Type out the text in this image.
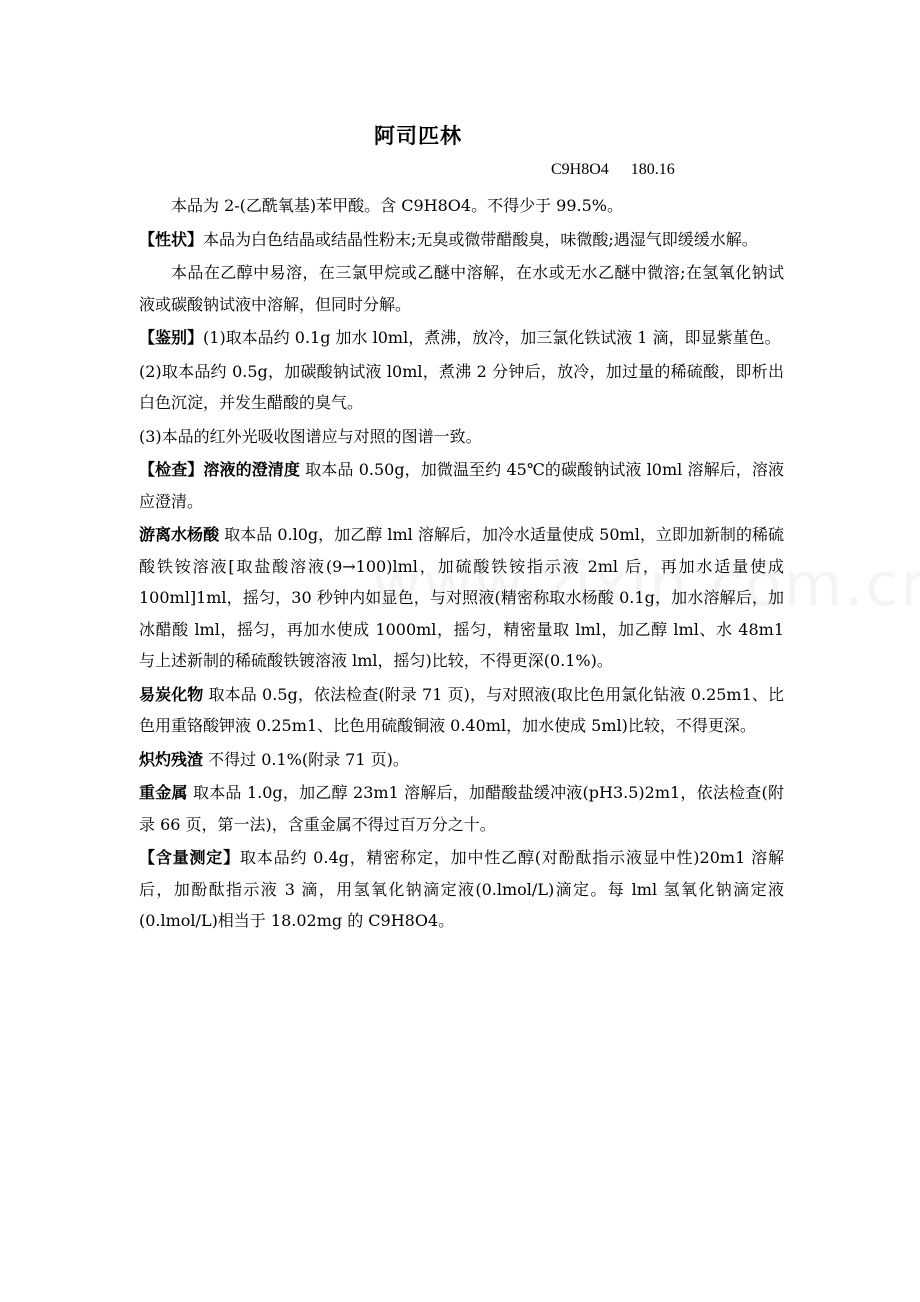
阿司匹林
C9H8O4 180.16

本品为 2-(乙酰氧基)苯甲酸。含 C9H8O4。不得少于 99.5%。

【性状】本品为白色结晶或结晶性粉末;无臭或微带醋酸臭，味微酸;遇湿气即缓缓水解。

本品在乙醇中易溶，在三氯甲烷或乙醚中溶解，在水或无水乙醚中微溶;在氢氧化钠试液或碳酸钠试液中溶解，但同时分解。

【鉴别】(1)取本品约 0.1g 加水 l0ml，煮沸，放冷，加三氯化铁试液 1 滴，即显紫堇色。

(2)取本品约 0.5g，加碳酸钠试液 l0ml，煮沸 2 分钟后，放冷，加过量的稀硫酸，即析出白色沉淀，并发生醋酸的臭气。

(3)本品的红外光吸收图谱应与对照的图谱一致。

【检查】溶液的澄清度 取本品 0.50g，加微温至约 45℃的碳酸钠试液 l0ml 溶解后，溶液应澄清。

游离水杨酸 取本品 0.l0g，加乙醇 lml 溶解后，加冷水适量使成 50ml，立即加新制的稀硫酸铁铵溶液[取盐酸溶液(9→100)lml，加硫酸铁铵指示液 2ml 后，再加水适量使成 100ml]1ml，摇匀，30 秒钟内如显色，与对照液(精密称取水杨酸 0.1g，加水溶解后，加冰醋酸 lml，摇匀，再加水使成 1000ml，摇匀，精密量取 lml，加乙醇 lml、水 48m1 与上述新制的稀硫酸铁镀溶液 lml，摇匀)比较，不得更深(0.1%)。

易炭化物 取本品 0.5g，依法检查(附录 71 页)，与对照液(取比色用氯化钻液 0.25m1、比色用重铬酸钾液 0.25m1、比色用硫酸铜液 0.40ml，加水使成 5ml)比较，不得更深。

炽灼残渣 不得过 0.1%(附录 71 页)。

重金属 取本品 1.0g，加乙醇 23m1 溶解后，加醋酸盐缓冲液(pH3.5)2m1，依法检查(附录 66 页，第一法)，含重金属不得过百万分之十。

【含量测定】取本品约 0.4g，精密称定，加中性乙醇(对酚酞指示液显中性)20m1 溶解后，加酚酞指示液 3 滴，用氢氧化钠滴定液(0.lmol/L)滴定。每 lml 氢氧化钠滴定液(0.lmol/L)相当于 18.02mg 的 C9H8O4。
